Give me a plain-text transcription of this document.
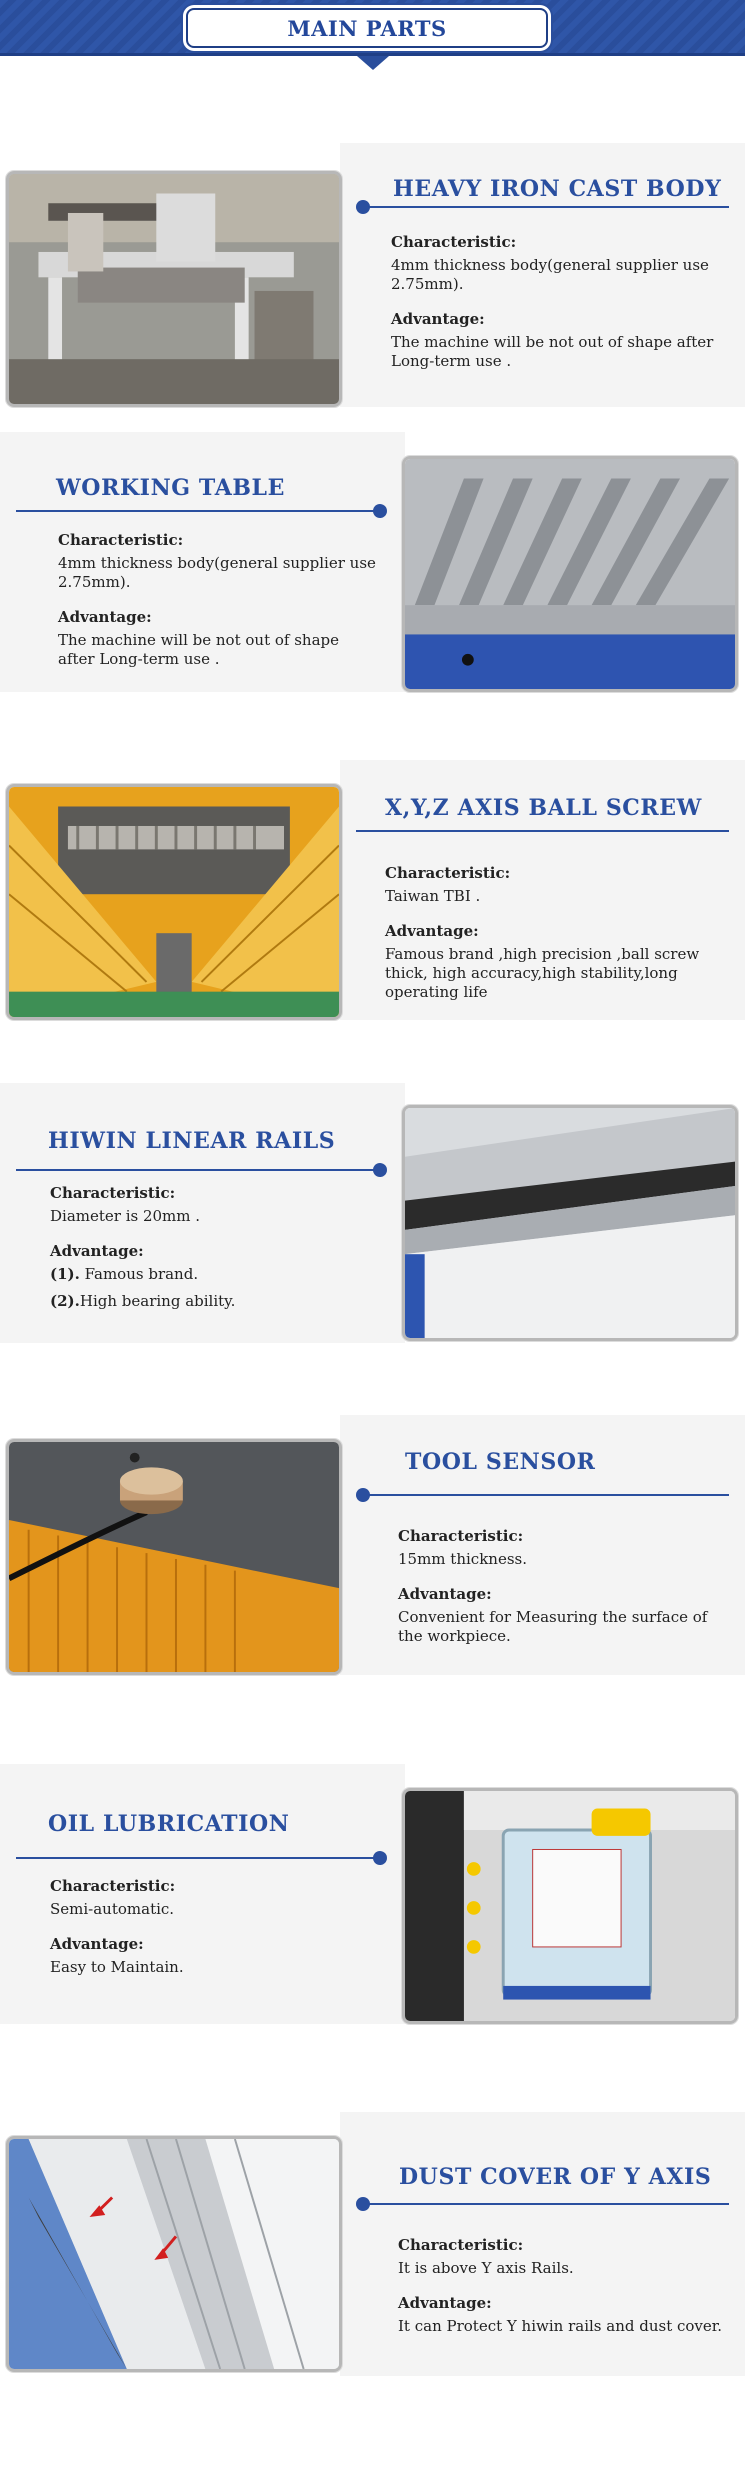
MAIN PARTS
HEAVY IRON CAST BODY
Characteristic:
4mm thickness body(general supplier use 2.75mm).
Advantage:
The machine will be not out of shape after Long-term use .
WORKING TABLE
Characteristic:
4mm thickness body(general supplier use 2.75mm).
Advantage:
The machine will be not out of shape after Long-term use .
X,Y,Z AXIS BALL SCREW
Characteristic:
Taiwan TBI .
Advantage:
Famous brand ,high precision ,ball screw thick, high accuracy,high stability,long operating life
HIWIN LINEAR RAILS
Characteristic:
Diameter is 20mm .
Advantage:
(1). Famous brand.
(2).High bearing ability.
TOOL SENSOR
Characteristic:
15mm thickness.
Advantage:
Convenient for Measuring the surface of the workpiece.
OIL LUBRICATION
Characteristic:
Semi-automatic.
Advantage:
Easy to Maintain.
DUST COVER OF Y AXIS
Characteristic:
It is above Y axis Rails.
Advantage:
It can Protect Y hiwin rails and dust cover.
